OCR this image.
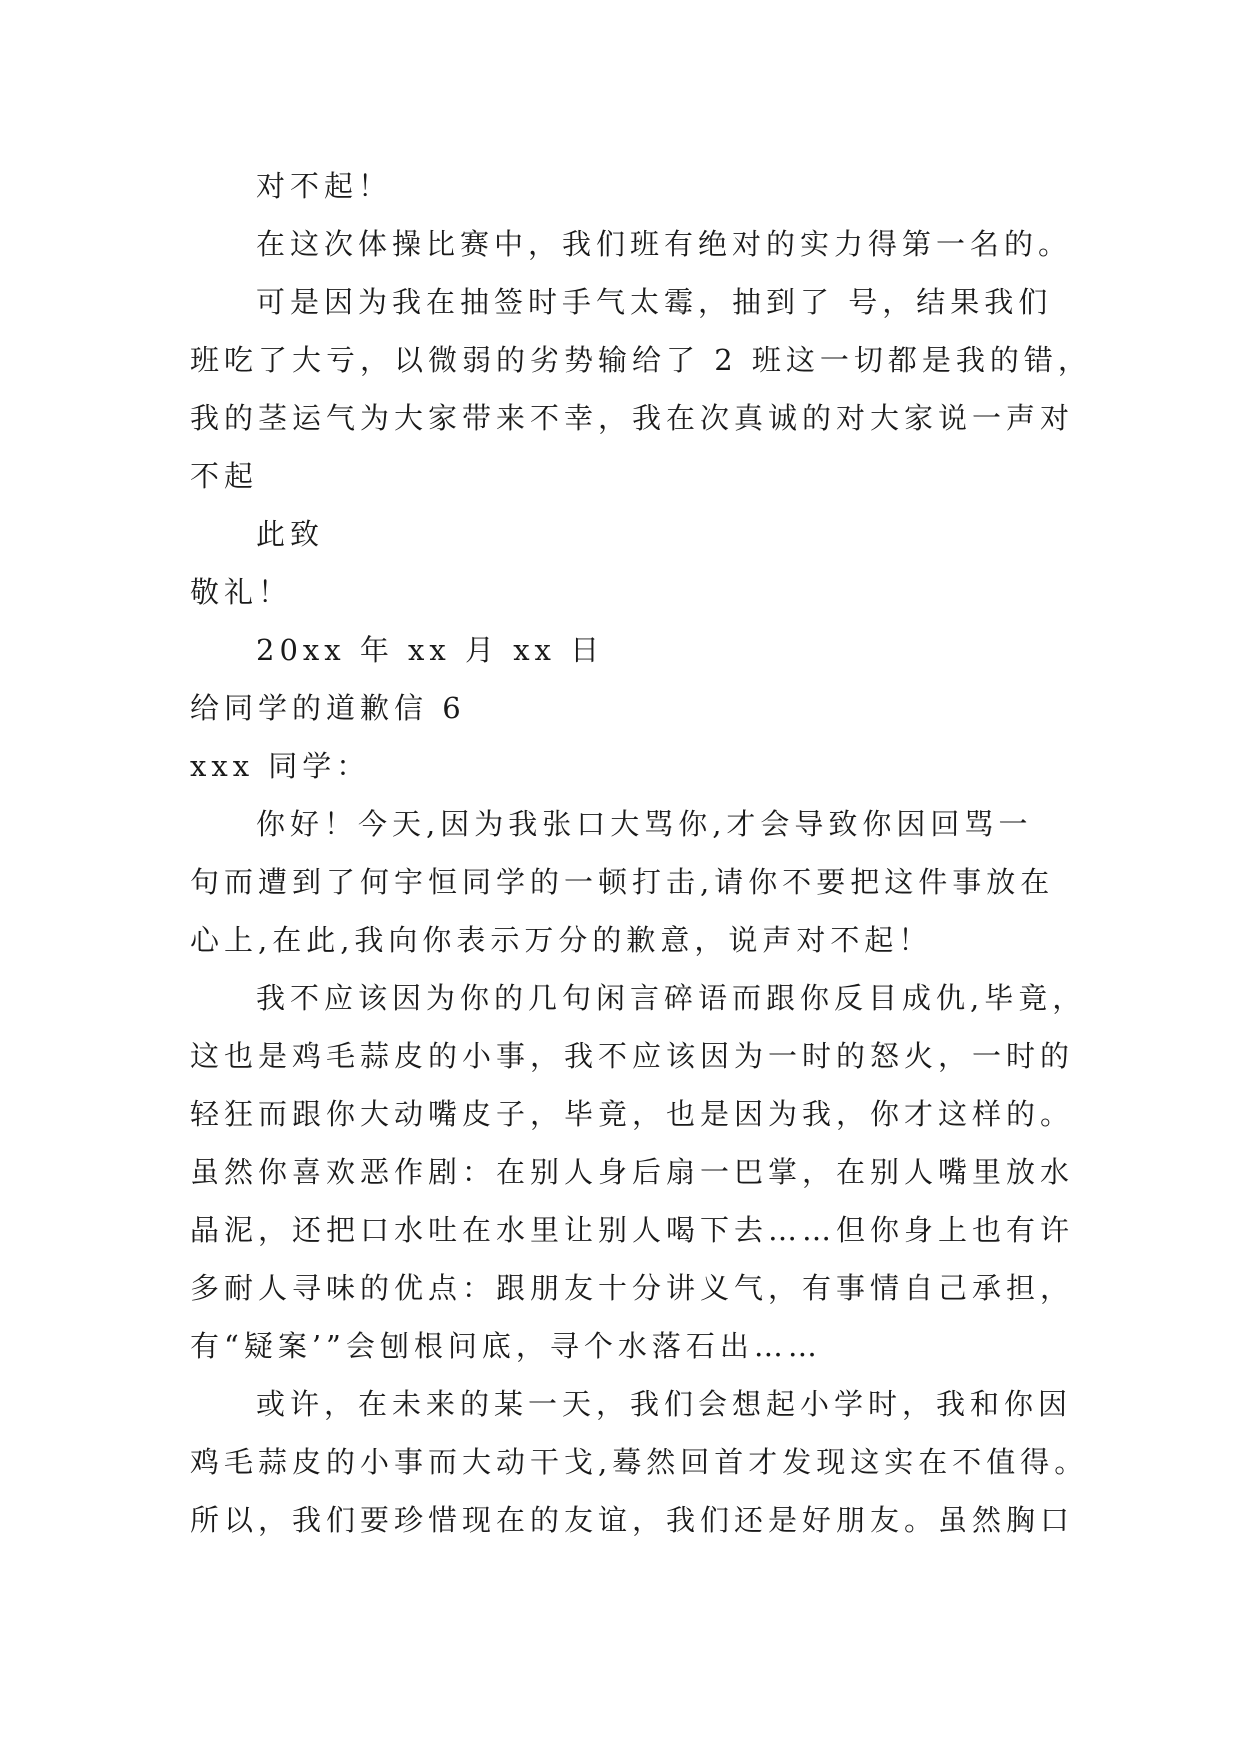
对不起！
在这次体操比赛中，我们班有绝对的实力得第一名的。
可是因为我在抽签时手气太霉，抽到了 号，结果我们
班吃了大亏，以微弱的劣势输给了 2 班这一切都是我的错，
我的茎运气为大家带来不幸，我在次真诚的对大家说一声对
不起
此致
敬礼！
20xx 年 xx 月 xx 日
给同学的道歉信 6
xxx 同学：
你好！今天,因为我张口大骂你,才会导致你因回骂一
句而遭到了何宇恒同学的一顿打击,请你不要把这件事放在
心上,在此,我向你表示万分的歉意，说声对不起！
我不应该因为你的几句闲言碎语而跟你反目成仇,毕竟，
这也是鸡毛蒜皮的小事，我不应该因为一时的怒火，一时的
轻狂而跟你大动嘴皮子，毕竟，也是因为我，你才这样的。
虽然你喜欢恶作剧：在别人身后扇一巴掌，在别人嘴里放水
晶泥，还把口水吐在水里让别人喝下去……但你身上也有许
多耐人寻味的优点：跟朋友十分讲义气，有事情自己承担，
有“疑案’”会刨根问底，寻个水落石出……
或许，在未来的某一天，我们会想起小学时，我和你因
鸡毛蒜皮的小事而大动干戈,蓦然回首才发现这实在不值得。
所以，我们要珍惜现在的友谊，我们还是好朋友。虽然胸口
